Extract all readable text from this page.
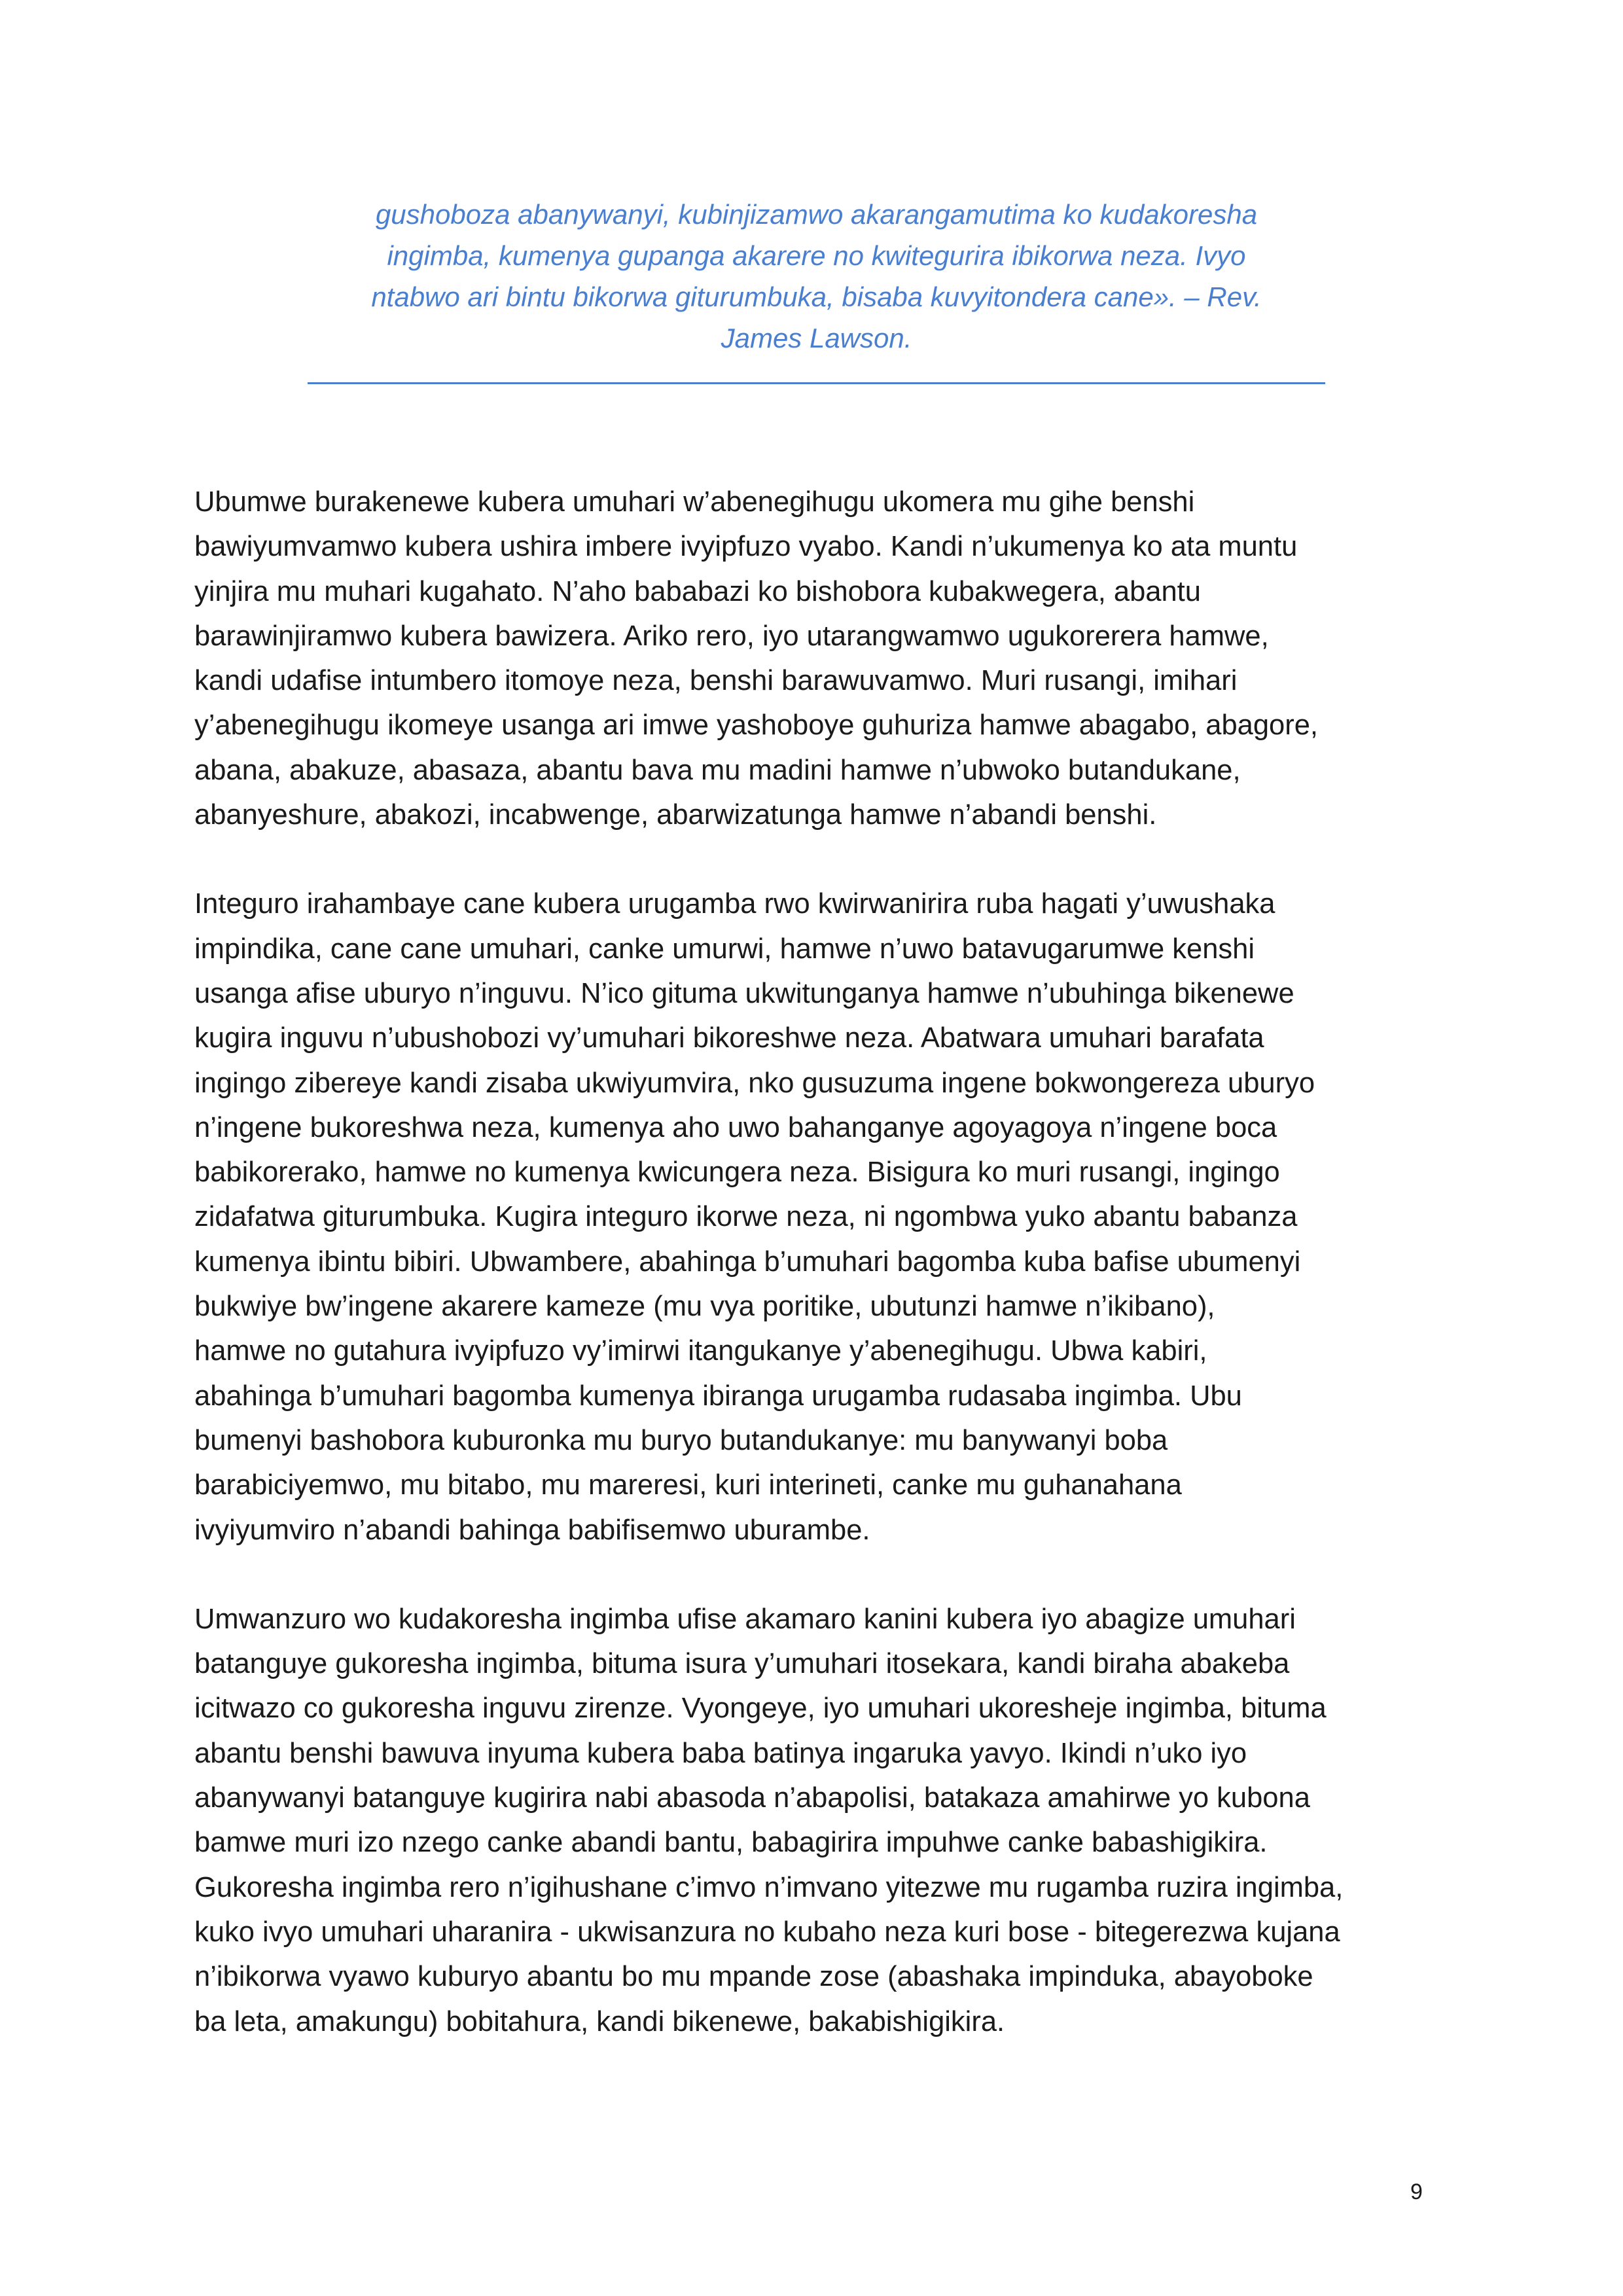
gushoboza abanywanyi, kubinjizamwo akarangamutima ko kudakoresha
ingimba, kumenya gupanga akarere no kwitegurira ibikorwa neza. Ivyo
ntabwo ari bintu bikorwa giturumbuka, bisaba kuvyitondera cane». – Rev.
James Lawson.

Ubumwe burakenewe kubera umuhari w’abenegihugu ukomera mu gihe benshi
bawiyumvamwo kubera ushira imbere ivyipfuzo vyabo. Kandi n’ukumenya ko ata muntu
yinjira mu muhari kugahato. N’aho bababazi ko bishobora kubakwegera, abantu
barawinjiramwo kubera bawizera. Ariko rero, iyo utarangwamwo ugukorerera hamwe,
kandi udafise intumbero itomoye neza, benshi barawuvamwo. Muri rusangi, imihari
y’abenegihugu ikomeye usanga ari imwe yashoboye guhuriza hamwe abagabo, abagore,
abana, abakuze, abasaza, abantu bava mu madini hamwe n’ubwoko butandukane,
abanyeshure, abakozi, incabwenge, abarwizatunga hamwe n’abandi benshi.

Integuro irahambaye cane kubera urugamba rwo kwirwanirira ruba hagati y’uwushaka
impindika, cane cane umuhari, canke umurwi, hamwe n’uwo batavugarumwe kenshi
usanga afise uburyo n’inguvu. N’ico gituma ukwitunganya hamwe n’ubuhinga bikenewe
kugira inguvu n’ubushobozi vy’umuhari bikoreshwe neza. Abatwara umuhari barafata
ingingo zibereye kandi zisaba ukwiyumvira, nko gusuzuma ingene bokwongereza uburyo
n’ingene bukoreshwa neza, kumenya aho uwo bahanganye agoyagoya n’ingene boca
babikorerako, hamwe no kumenya kwicungera neza. Bisigura ko muri rusangi, ingingo
zidafatwa giturumbuka. Kugira integuro ikorwe neza, ni ngombwa yuko abantu babanza
kumenya ibintu bibiri. Ubwambere, abahinga b’umuhari bagomba kuba bafise ubumenyi
bukwiye bw’ingene akarere kameze (mu vya poritike, ubutunzi hamwe n’ikibano),
hamwe no gutahura ivyipfuzo vy’imirwi itangukanye y’abenegihugu. Ubwa kabiri,
abahinga b’umuhari bagomba kumenya ibiranga urugamba rudasaba ingimba. Ubu
bumenyi bashobora kuburonka mu buryo butandukanye: mu banywanyi boba
barabiciyemwo, mu bitabo, mu mareresi, kuri interineti, canke mu guhanahana
ivyiyumviro n’abandi bahinga babifisemwo uburambe.

Umwanzuro wo kudakoresha ingimba ufise akamaro kanini kubera iyo abagize umuhari
batanguye gukoresha ingimba, bituma isura y’umuhari itosekara, kandi biraha abakeba
icitwazo co gukoresha inguvu zirenze. Vyongeye, iyo umuhari ukoresheje ingimba, bituma
abantu benshi bawuva inyuma kubera baba batinya ingaruka yavyo. Ikindi n’uko iyo
abanywanyi batanguye kugirira nabi abasoda n’abapolisi, batakaza amahirwe yo kubona
bamwe muri izo nzego canke abandi bantu, babagirira impuhwe canke babashigikira.
Gukoresha ingimba rero n’igihushane c’imvo n’imvano yitezwe mu rugamba ruzira ingimba,
kuko ivyo umuhari uharanira - ukwisanzura no kubaho neza kuri bose - bitegerezwa kujana
n’ibikorwa vyawo kuburyo abantu bo mu mpande zose (abashaka impinduka, abayoboke
ba leta, amakungu) bobitahura, kandi bikenewe, bakabishigikira.

9
